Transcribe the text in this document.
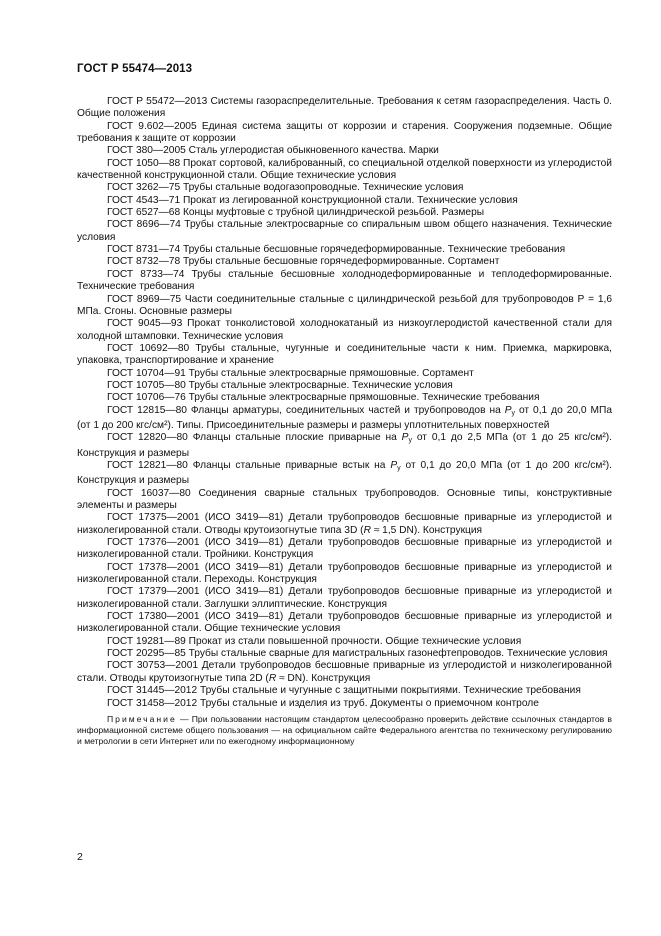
ГОСТ Р 55474—2013

ГОСТ Р 55472—2013 Системы газораспределительные. Требования к сетям газораспределения. Часть 0. Общие положения

ГОСТ 9.602—2005 Единая система защиты от коррозии и старения. Сооружения подземные. Общие требования к защите от коррозии

ГОСТ 380—2005 Сталь углеродистая обыкновенного качества. Марки

ГОСТ 1050—88 Прокат сортовой, калиброванный, со специальной отделкой поверхности из углеродистой качественной конструкционной стали. Общие технические условия

ГОСТ 3262—75 Трубы стальные водогазопроводные. Технические условия

ГОСТ 4543—71 Прокат из легированной конструкционной стали. Технические условия

ГОСТ 6527—68 Концы муфтовые с трубной цилиндрической резьбой. Размеры

ГОСТ 8696—74 Трубы стальные электросварные со спиральным швом общего назначения. Технические условия

ГОСТ 8731—74 Трубы стальные бесшовные горячедеформированные. Технические требования

ГОСТ 8732—78 Трубы стальные бесшовные горячедеформированные. Сортамент

ГОСТ 8733—74 Трубы стальные бесшовные холоднодеформированные и теплодеформированные. Технические требования

ГОСТ 8969—75 Части соединительные стальные с цилиндрической резьбой для трубопроводов Р = 1,6 МПа. Сгоны. Основные размеры

ГОСТ 9045—93 Прокат тонколистовой холоднокатаный из низкоуглеродистой качественной стали для холодной штамповки. Технические условия

ГОСТ 10692—80 Трубы стальные, чугунные и соединительные части к ним. Приемка, маркировка, упаковка, транспортирование и хранение

ГОСТ 10704—91 Трубы стальные электросварные прямошовные. Сортамент

ГОСТ 10705—80 Трубы стальные электросварные. Технические условия

ГОСТ 10706—76 Трубы стальные электросварные прямошовные. Технические требования

ГОСТ 12815—80 Фланцы арматуры, соединительных частей и трубопроводов на $P_у$ от 0,1 до 20,0 МПа (от 1 до 200 кгс/см²). Типы. Присоединительные размеры и размеры уплотнительных поверхностей

ГОСТ 12820—80 Фланцы стальные плоские приварные на $P_у$ от 0,1 до 2,5 МПа (от 1 до 25 кгс/см²). Конструкция и размеры

ГОСТ 12821—80 Фланцы стальные приварные встык на $P_у$ от 0,1 до 20,0 МПа (от 1 до 200 кгс/см²). Конструкция и размеры

ГОСТ 16037—80 Соединения сварные стальных трубопроводов. Основные типы, конструктивные элементы и размеры

ГОСТ 17375—2001 (ИСО 3419—81) Детали трубопроводов бесшовные приварные из углеродистой и низколегированной стали. Отводы крутоизогнутые типа 3D (R ≈ 1,5 DN). Конструкция

ГОСТ 17376—2001 (ИСО 3419—81) Детали трубопроводов бесшовные приварные из углеродистой и низколегированной стали. Тройники. Конструкция

ГОСТ 17378—2001 (ИСО 3419—81) Детали трубопроводов бесшовные приварные из углеродистой и низколегированной стали. Переходы. Конструкция

ГОСТ 17379—2001 (ИСО 3419—81) Детали трубопроводов бесшовные приварные из углеродистой и низколегированной стали. Заглушки эллиптические. Конструкция

ГОСТ 17380—2001 (ИСО 3419—81) Детали трубопроводов бесшовные приварные из углеродистой и низколегированной стали. Общие технические условия

ГОСТ 19281—89 Прокат из стали повышенной прочности. Общие технические условия

ГОСТ 20295—85 Трубы стальные сварные для магистральных газонефтепроводов. Технические условия

ГОСТ 30753—2001 Детали трубопроводов бесшовные приварные из углеродистой и низколегированной стали. Отводы крутоизогнутые типа 2D (R ≈ DN). Конструкция

ГОСТ 31445—2012 Трубы стальные и чугунные с защитными покрытиями. Технические требования

ГОСТ 31458—2012 Трубы стальные и изделия из труб. Документы о приемочном контроле

Примечание — При пользовании настоящим стандартом целесообразно проверить действие ссылочных стандартов в информационной системе общего пользования — на официальном сайте Федерального агентства по техническому регулированию и метрологии в сети Интернет или по ежегодному информационному

2
